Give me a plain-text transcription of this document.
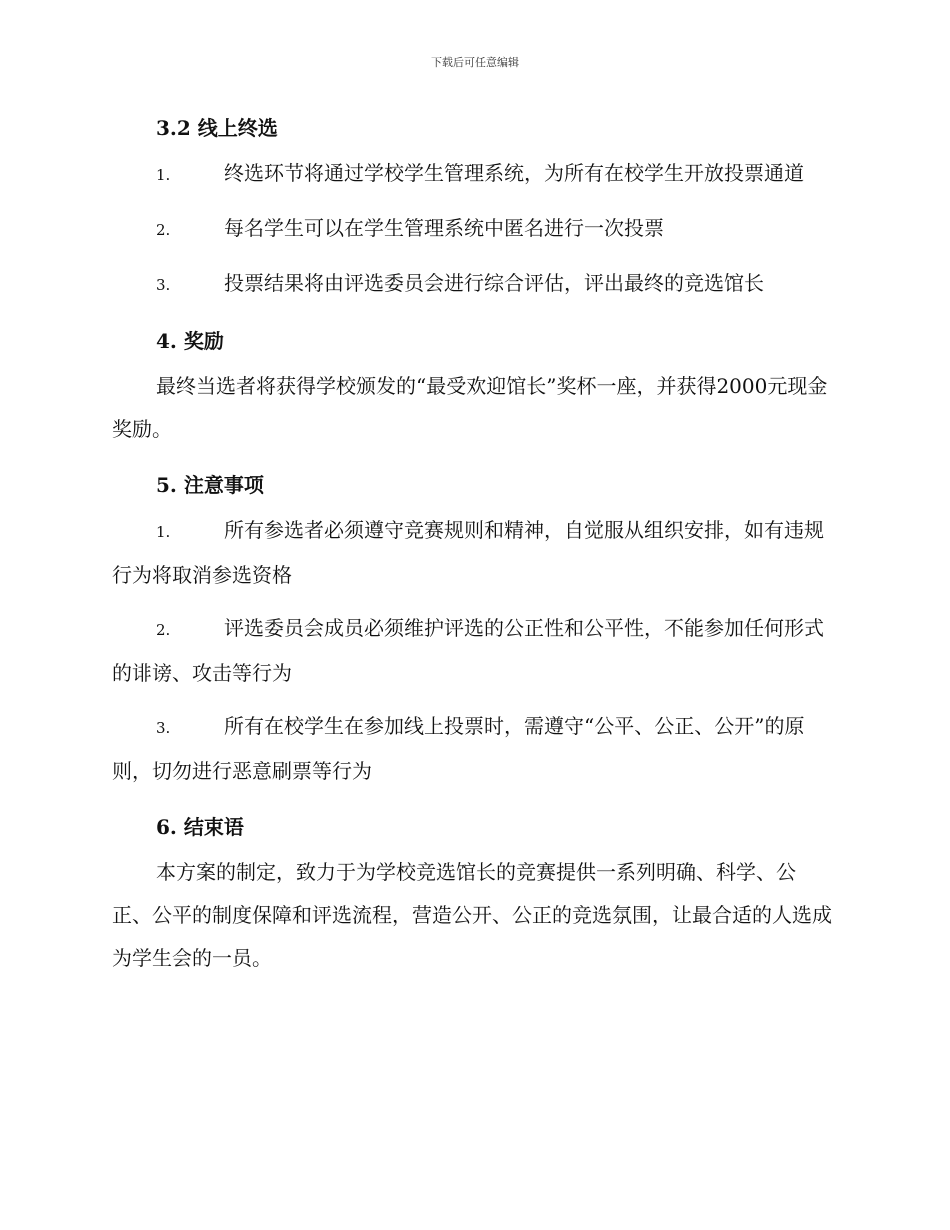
下载后可任意编辑
3.2 线上终选

1.	终选环节将通过学校学生管理系统，为所有在校学生开放投票通道

2.	每名学生可以在学生管理系统中匿名进行一次投票

3.	投票结果将由评选委员会进行综合评估，评出最终的竞选馆长

4. 奖励

最终当选者将获得学校颁发的“最受欢迎馆长”奖杯一座，并获得2000元现金奖励。

5. 注意事项

1.	所有参选者必须遵守竞赛规则和精神，自觉服从组织安排，如有违规行为将取消参选资格

2.	评选委员会成员必须维护评选的公正性和公平性，不能参加任何形式的诽谤、攻击等行为

3.	所有在校学生在参加线上投票时，需遵守“公平、公正、公开”的原则，切勿进行恶意刷票等行为

6. 结束语

本方案的制定，致力于为学校竞选馆长的竞赛提供一系列明确、科学、公正、公平的制度保障和评选流程，营造公开、公正的竞选氛围，让最合适的人选成为学生会的一员。
